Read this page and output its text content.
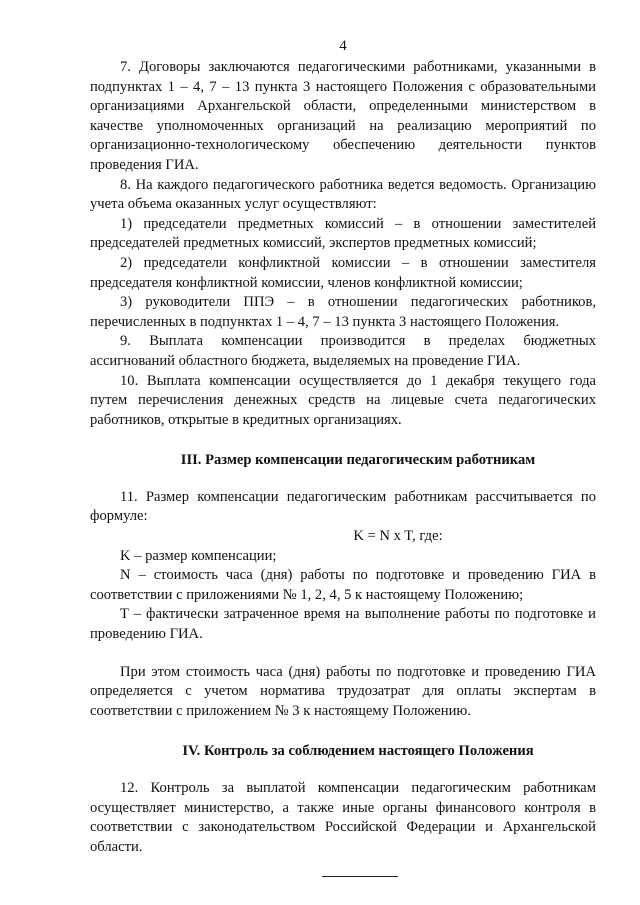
4

7. Договоры заключаются педагогическими работниками, указанными в подпунктах 1 – 4, 7 – 13 пункта 3 настоящего Положения с образовательными организациями Архангельской области, определенными министерством в качестве уполномоченных организаций на реализацию мероприятий по организационно-технологическому обеспечению деятельности пунктов проведения ГИА.

8. На каждого педагогического работника ведется ведомость. Организацию учета объема оказанных услуг осуществляют:

1) председатели предметных комиссий – в отношении заместителей председателей предметных комиссий, экспертов предметных комиссий;

2) председатели конфликтной комиссии – в отношении заместителя председателя конфликтной комиссии, членов конфликтной комиссии;

3) руководители ППЭ – в отношении педагогических работников, перечисленных в подпунктах 1 – 4, 7 – 13 пункта 3 настоящего Положения.

9. Выплата компенсации производится в пределах бюджетных ассигнований областного бюджета, выделяемых на проведение ГИА.

10. Выплата компенсации осуществляется до 1 декабря текущего года путем перечисления денежных средств на лицевые счета педагогических работников, открытые в кредитных организациях.

III. Размер компенсации педагогическим работникам

11. Размер компенсации педагогическим работникам рассчитывается по формуле:

K = N x T, где:

K – размер компенсации;

N – стоимость часа (дня) работы по подготовке и проведению ГИА в соответствии с приложениями № 1, 2, 4, 5 к настоящему Положению;

T – фактически затраченное время на выполнение работы по подготовке и проведению ГИА.

При этом стоимость часа (дня) работы по подготовке и проведению ГИА определяется с учетом норматива трудозатрат для оплаты экспертам в соответствии с приложением № 3 к настоящему Положению.

IV. Контроль за соблюдением настоящего Положения

12. Контроль за выплатой компенсации педагогическим работникам осуществляет министерство, а также иные органы финансового контроля в соответствии с законодательством Российской Федерации и Архангельской области.
